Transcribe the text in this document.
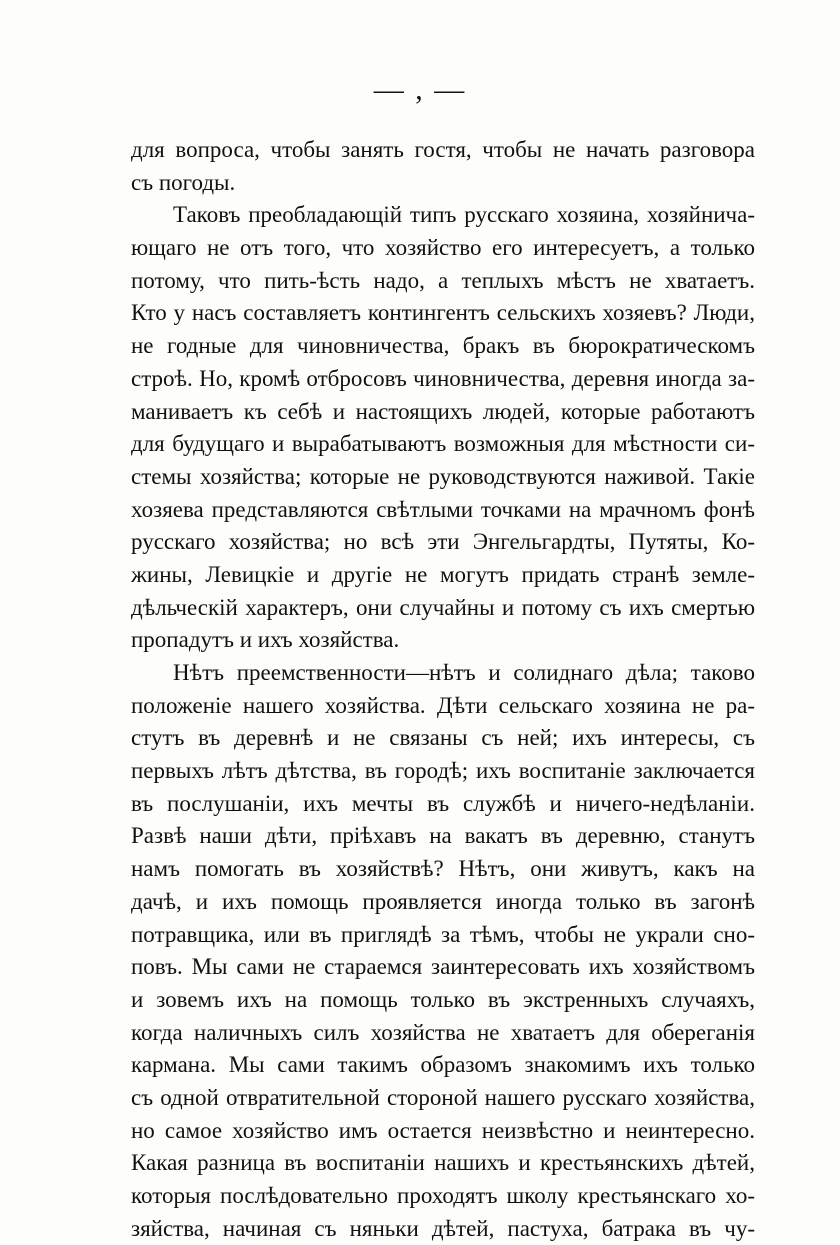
— , —
для вопроса, чтобы занять гостя, чтобы не начать разговора
съ погоды.
Таковъ преобладающій типъ русскаго хозяина, хозяйнича-
ющаго не отъ того, что хозяйство его интересуетъ, а только
потому, что пить-ѣсть надо, а теплыхъ мѣстъ не хватаетъ.
Кто у насъ составляетъ контингентъ сельскихъ хозяевъ? Люди,
не годные для чиновничества, бракъ въ бюрократическомъ
строѣ. Но, кромѣ отбросовъ чиновничества, деревня иногда за-
маниваетъ къ себѣ и настоящихъ людей, которые работаютъ
для будущаго и вырабатываютъ возможныя для мѣстности си-
стемы хозяйства; которые не руководствуются наживой. Такіе
хозяева представляются свѣтлыми точками на мрачномъ фонѣ
русскаго хозяйства; но всѣ эти Энгельгардты, Путяты, Ко-
жины, Левицкіе и другіе не могутъ придать странѣ земле-
дѣльческій характеръ, они случайны и потому съ ихъ смертью
пропадутъ и ихъ хозяйства.
Нѣтъ преемственности—нѣтъ и солиднаго дѣла; таково
положеніе нашего хозяйства. Дѣти сельскаго хозяина не ра-
стутъ въ деревнѣ и не связаны съ ней; ихъ интересы, съ
первыхъ лѣтъ дѣтства, въ городѣ; ихъ воспитаніе заключается
въ послушаніи, ихъ мечты въ службѣ и ничего-недѣланіи.
Развѣ наши дѣти, пріѣхавъ на вакатъ въ деревню, станутъ
намъ помогать въ хозяйствѣ? Нѣтъ, они живутъ, какъ на
дачѣ, и ихъ помощь проявляется иногда только въ загонѣ
потравщика, или въ приглядѣ за тѣмъ, чтобы не украли сно-
повъ. Мы сами не стараемся заинтересовать ихъ хозяйствомъ
и зовемъ ихъ на помощь только въ экстренныхъ случаяхъ,
когда наличныхъ силъ хозяйства не хватаетъ для обереганія
кармана. Мы сами такимъ образомъ знакомимъ ихъ только
съ одной отвратительной стороной нашего русскаго хозяйства,
но самое хозяйство имъ остается неизвѣстно и неинтересно.
Какая разница въ воспитаніи нашихъ и крестьянскихъ дѣтей,
которыя послѣдовательно проходятъ школу крестьянскаго хо-
зяйства, начиная съ няньки дѣтей, пастуха, батрака въ чу-
